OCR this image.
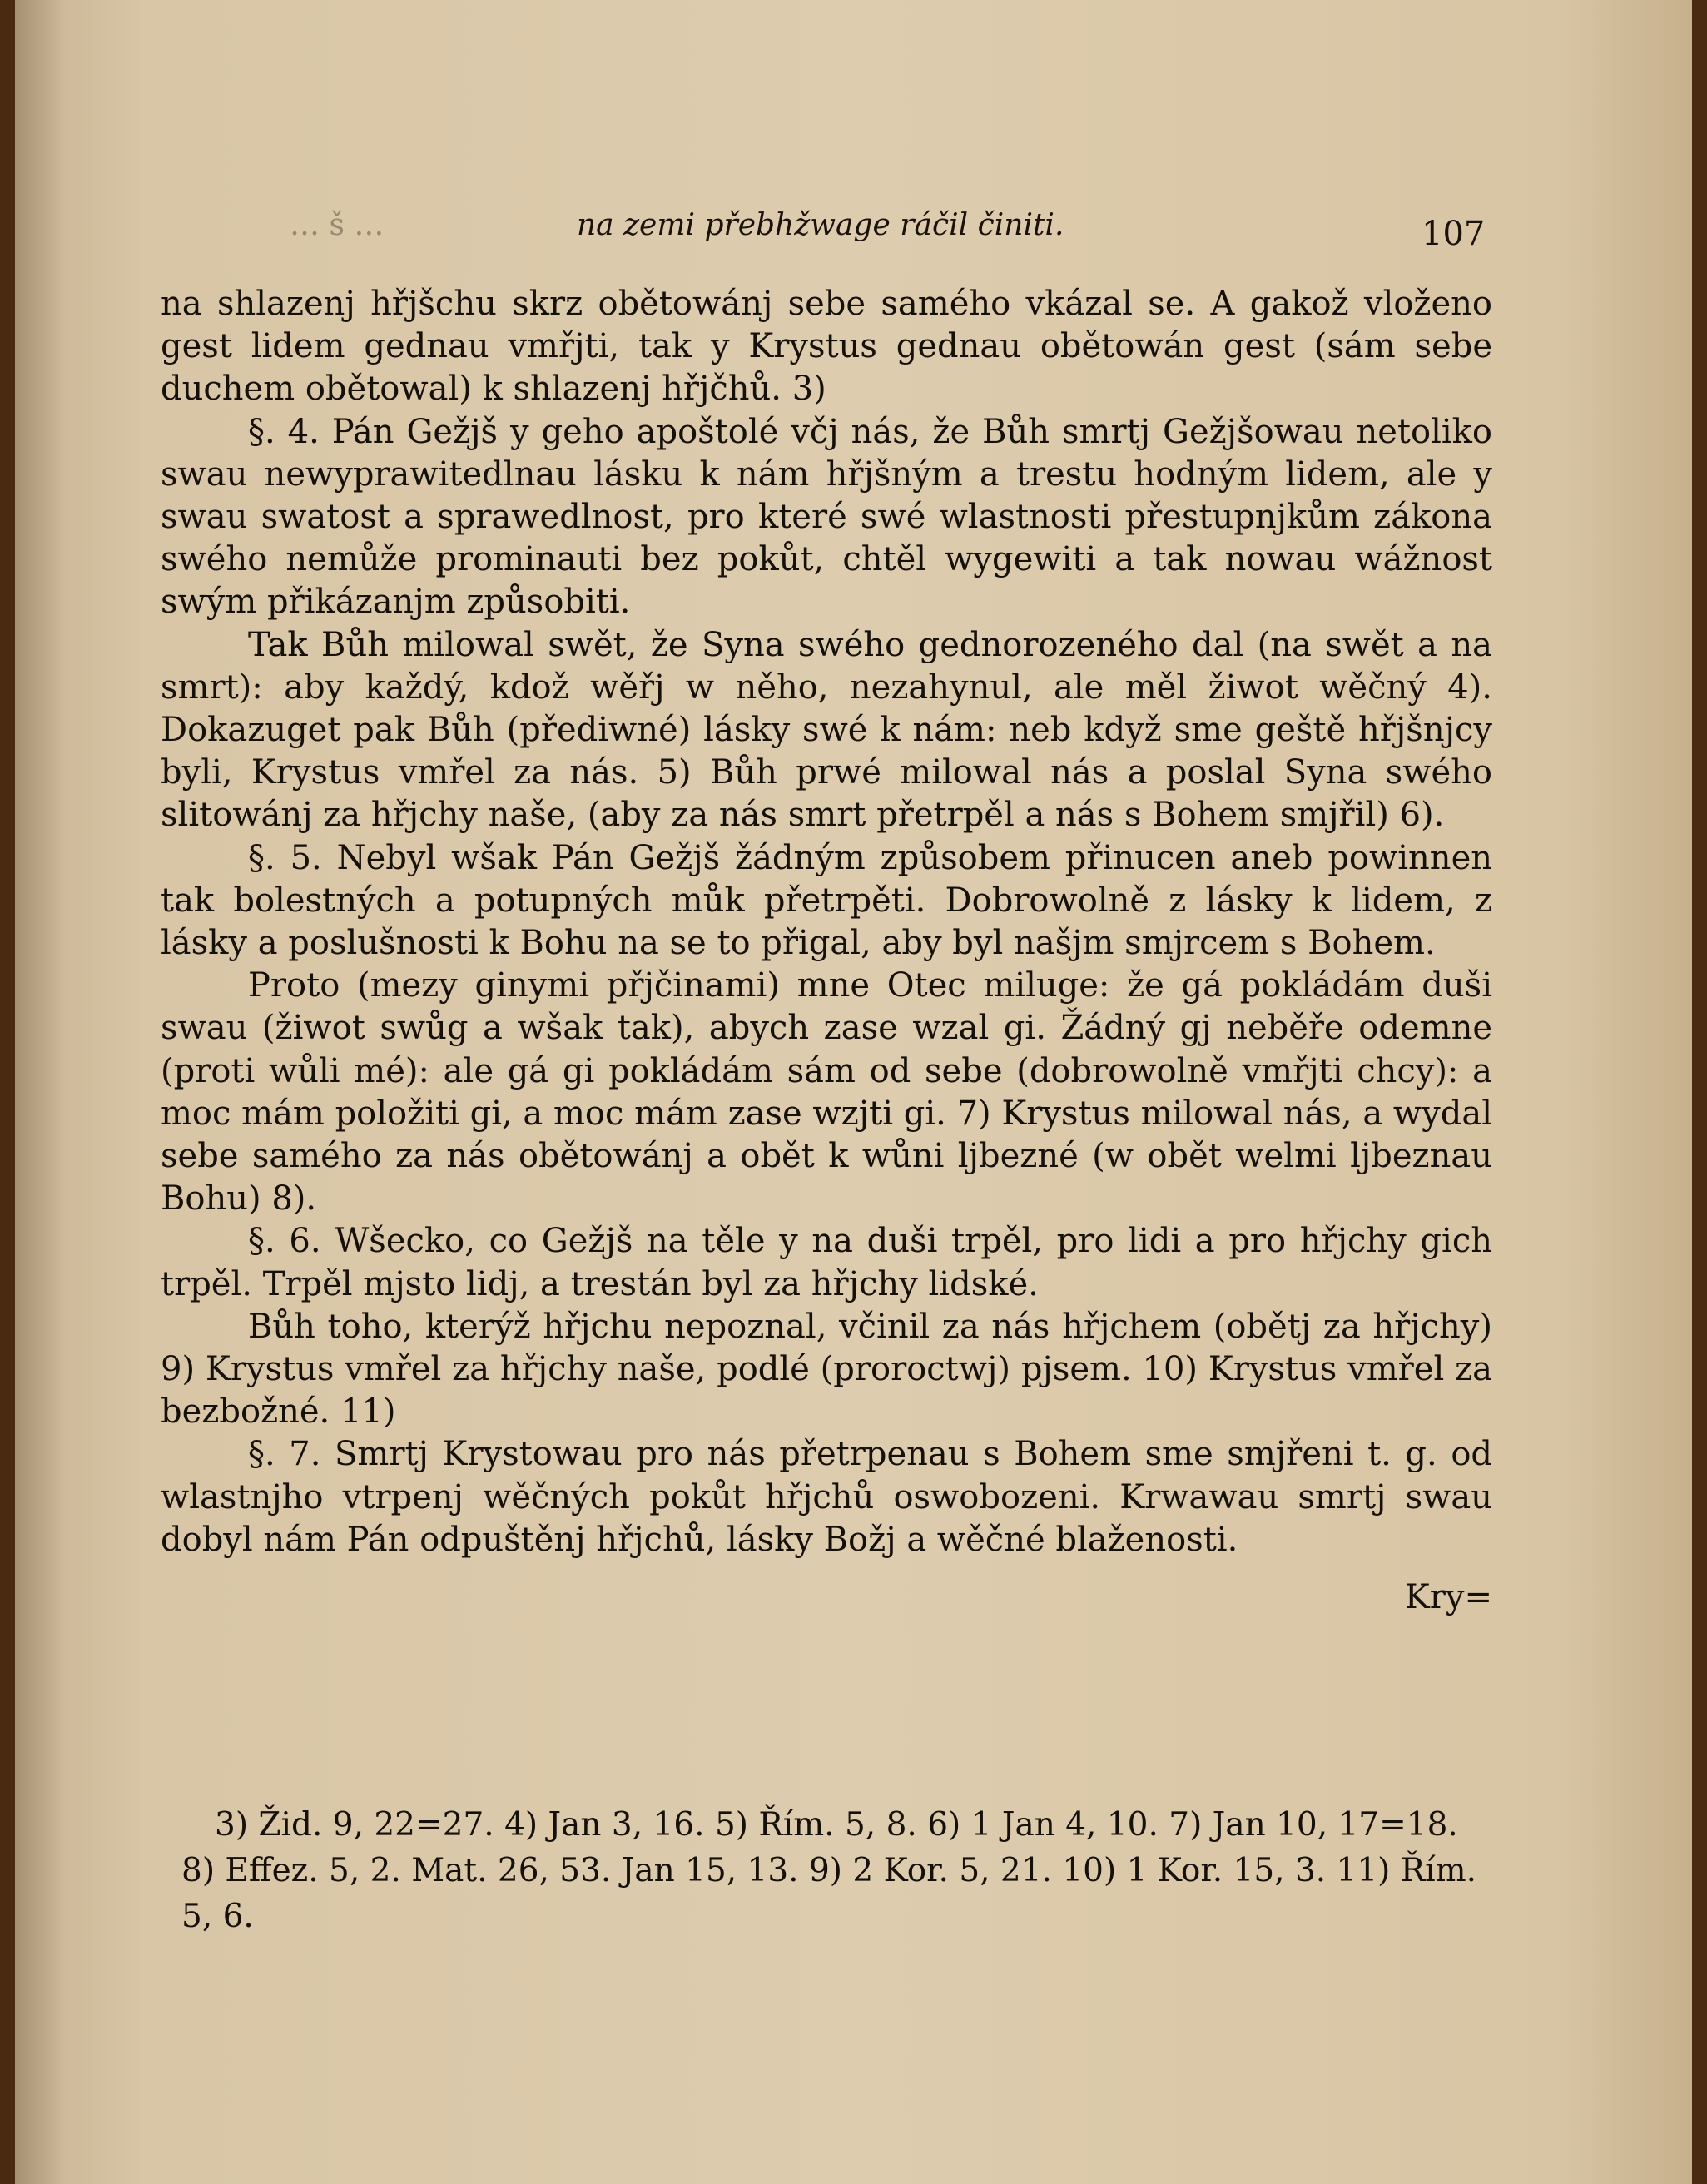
… š …	na zemi přebhžwage ráčil činiti.	107

na shlazenj hřjšchu skrz obětowánj sebe samého vkázal se. A gakož vloženo gest lidem gednau vmřjti, tak y Krystus gednau obětowán gest (sám sebe duchem obětowal) k shlazenj hřjčhů. 3)

§. 4. Pán Gežjš y geho apoštolé včj nás, že Bůh smrtj Gežjšowau netoliko swau newyprawitedlnau lásku k nám hřjšným a trestu hodným lidem, ale y swau swatost a sprawedlnost, pro které swé wlastnosti přestupnjkům zákona swého nemůže prominauti bez pokůt, chtěl wygewiti a tak nowau wážnost swým přikázanjm způsobiti.

Tak Bůh milowal swět, že Syna swého gednorozeného dal (na swět a na smrt): aby každý, kdož wěřj w něho, nezahynul, ale měl žiwot wěčný 4). Dokazuget pak Bůh (přediwné) lásky swé k nám: neb když sme geště hřjšnjcy byli, Krystus vmřel za nás. 5) Bůh prwé milowal nás a poslal Syna swého slitowánj za hřjchy naše, (aby za nás smrt přetrpěl a nás s Bohem smjřil) 6).

§. 5. Nebyl wšak Pán Gežjš žádným způsobem přinucen aneb powinnen tak bolestných a potupných můk přetrpěti. Dobrowolně z lásky k lidem, z lásky a poslušnosti k Bohu na se to přigal, aby byl našjm smjrcem s Bohem.

Proto (mezy ginymi přjčinami) mne Otec miluge: že gá pokládám duši swau (žiwot swůg a wšak tak), abych zase wzal gi. Žádný gj neběře odemne (proti wůli mé): ale gá gi pokládám sám od sebe (dobrowolně vmřjti chcy): a moc mám položiti gi, a moc mám zase wzjti gi. 7) Krystus milowal nás, a wydal sebe samého za nás obětowánj a obět k wůni ljbezné (w obět welmi ljbeznau Bohu) 8).

§. 6. Wšecko, co Gežjš na těle y na duši trpěl, pro lidi a pro hřjchy gich trpěl. Trpěl mjsto lidj, a trestán byl za hřjchy lidské.

Bůh toho, kterýž hřjchu nepoznal, včinil za nás hřjchem (obětj za hřjchy) 9) Krystus vmřel za hřjchy naše, podlé (proroctwj) pjsem. 10) Krystus vmřel za bezbožné. 11)

§. 7. Smrtj Krystowau pro nás přetrpenau s Bohem sme smjřeni t. g. od wlastnjho vtrpenj wěčných pokůt hřjchů oswobozeni. Krwawau smrtj swau dobyl nám Pán odpuštěnj hřjchů, lásky Božj a wěčné blaženosti.

Kry=

3) Žid. 9, 22=27. 4) Jan 3, 16. 5) Řím. 5, 8. 6) 1 Jan 4, 10. 7) Jan 10, 17=18. 8) Effez. 5, 2. Mat. 26, 53. Jan 15, 13. 9) 2 Kor. 5, 21. 10) 1 Kor. 15, 3. 11) Řím. 5, 6.
